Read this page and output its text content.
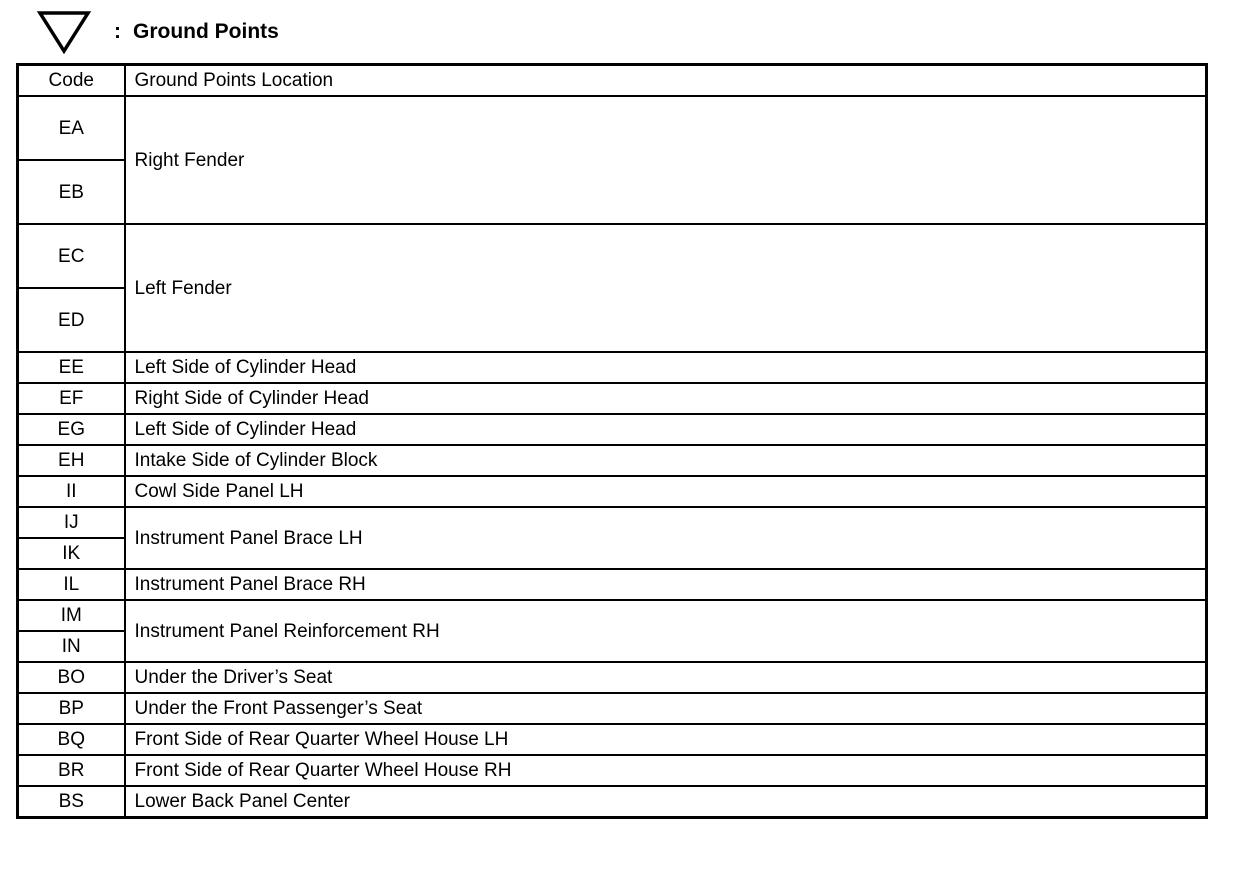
: Ground Points
Code	Ground Points Location
EA	Right Fender
EB	
EC	Left Fender
ED	
EE	Left Side of Cylinder Head
EF	Right Side of Cylinder Head
EG	Left Side of Cylinder Head
EH	Intake Side of Cylinder Block
II	Cowl Side Panel LH
IJ	Instrument Panel Brace LH
IK	
IL	Instrument Panel Brace RH
IM	Instrument Panel Reinforcement RH
IN	
BO	Under the Driver’s Seat
BP	Under the Front Passenger’s Seat
BQ	Front Side of Rear Quarter Wheel House LH
BR	Front Side of Rear Quarter Wheel House RH
BS	Lower Back Panel Center
